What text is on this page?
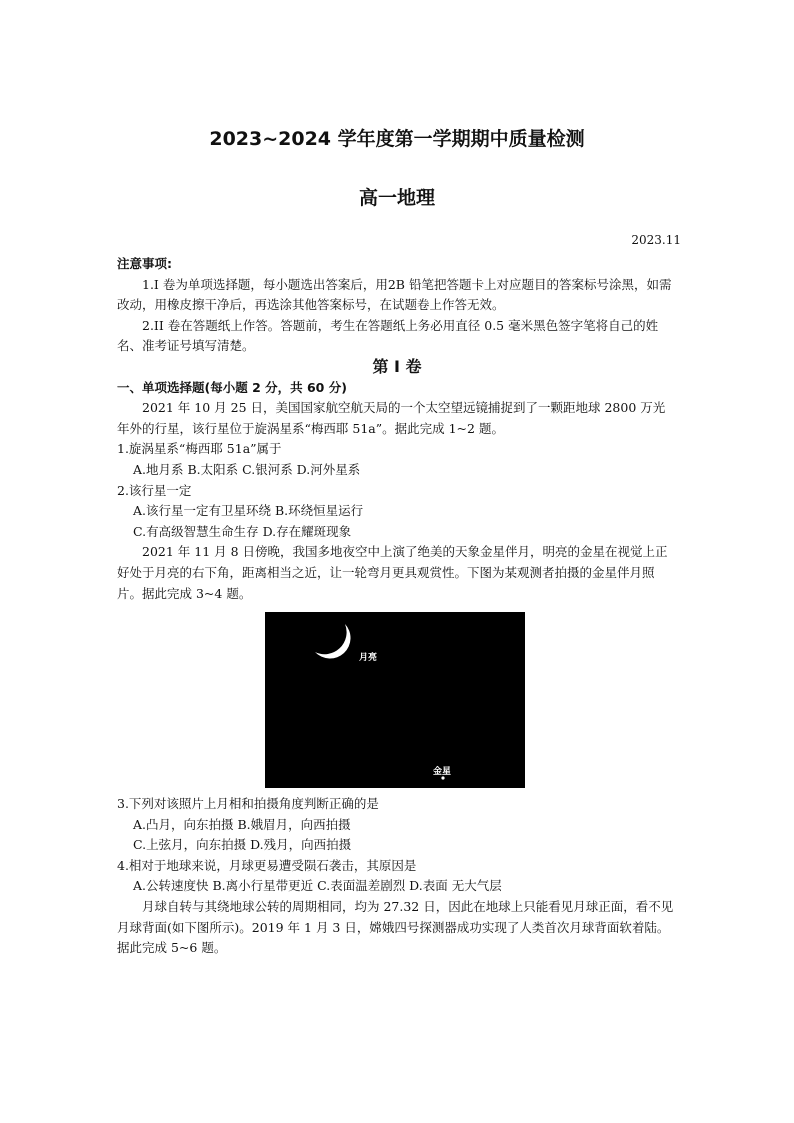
2023~2024 学年度第一学期期中质量检测
高一地理
2023.11

注意事项:

1.I 卷为单项选择题，每小题选出答案后，用2B 铅笔把答题卡上对应题目的答案标号涂黑，如需改动，用橡皮擦干净后，再选涂其他答案标号，在试题卷上作答无效。

2.II 卷在答题纸上作答。答题前，考生在答题纸上务必用直径 0.5 毫米黑色签字笔将自己的姓名、准考证号填写清楚。

第 I 卷

一、单项选择题(每小题 2 分，共 60 分)

2021 年 10 月 25 日，美国国家航空航天局的一个太空望远镜捕捉到了一颗距地球 2800 万光年外的行星，该行星位于旋涡星系“梅西耶 51a”。据此完成 1~2 题。

1.旋涡星系“梅西耶 51a”属于

A.地月系 B.太阳系 C.银河系 D.河外星系

2.该行星一定

A.该行星一定有卫星环绕 B.环绕恒星运行

C.有高级智慧生命生存 D.存在耀斑现象

2021 年 11 月 8 日傍晚，我国多地夜空中上演了绝美的天象金星伴月，明亮的金星在视觉上正好处于月亮的右下角，距离相当之近，让一轮弯月更具观赏性。下图为某观测者拍摄的金星伴月照片。据此完成 3~4 题。

月亮
金星

3.下列对该照片上月相和拍摄角度判断正确的是

A.凸月，向东拍摄 B.娥眉月，向西拍摄

C.上弦月，向东拍摄 D.残月，向西拍摄

4.相对于地球来说，月球更易遭受陨石袭击，其原因是

A.公转速度快 B.离小行星带更近 C.表面温差剧烈 D.表面 无大气层

月球自转与其绕地球公转的周期相同，均为 27.32 日，因此在地球上只能看见月球正面，看不见月球背面(如下图所示)。2019 年 1 月 3 日，嫦娥四号探测器成功实现了人类首次月球背面软着陆。据此完成 5~6 题。
